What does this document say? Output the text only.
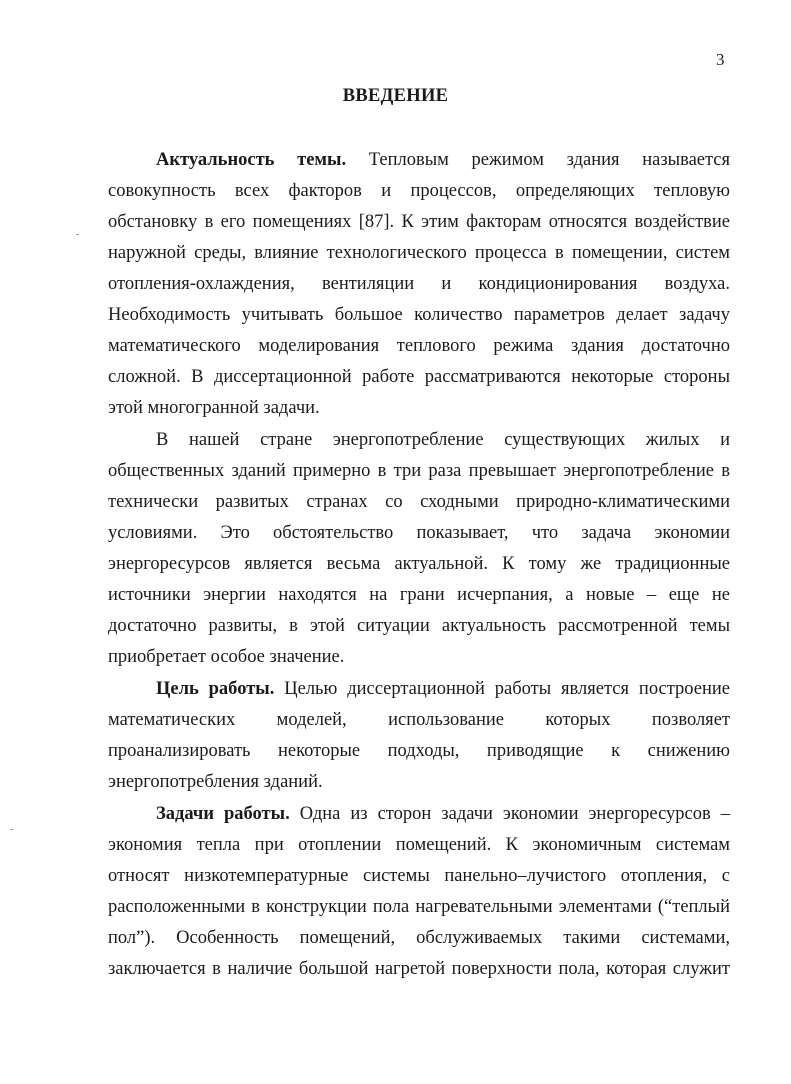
3
ВВЕДЕНИЕ
Актуальность темы. Тепловым режимом здания называется
совокупность всех факторов и процессов, определяющих тепловую
обстановку в его помещениях [87]. К этим факторам относятся воздействие
наружной среды, влияние технологического процесса в помещении, систем
отопления-охлаждения, вентиляции и кондиционирования воздуха.
Необходимость учитывать большое количество параметров делает задачу
математического моделирования теплового режима здания достаточно
сложной. В диссертационной работе рассматриваются некоторые стороны
этой многогранной задачи.
В нашей стране энергопотребление существующих жилых и
общественных зданий примерно в три раза превышает энергопотребление в
технически развитых странах со сходными природно-климатическими
условиями. Это обстоятельство показывает, что задача экономии
энергоресурсов является весьма актуальной. К тому же традиционные
источники энергии находятся на грани исчерпания, а новые – еще не
достаточно развиты, в этой ситуации актуальность рассмотренной темы
приобретает особое значение.
Цель работы. Целью диссертационной работы является построение
математических моделей, использование которых позволяет
проанализировать некоторые подходы, приводящие к снижению
энергопотребления зданий.
Задачи работы. Одна из сторон задачи экономии энергоресурсов –
экономия тепла при отоплении помещений. К экономичным системам
относят низкотемпературные системы панельно–лучистого отопления, с
расположенными в конструкции пола нагревательными элементами (“теплый
пол”). Особенность помещений, обслуживаемых такими системами,
заключается в наличие большой нагретой поверхности пола, которая служит
